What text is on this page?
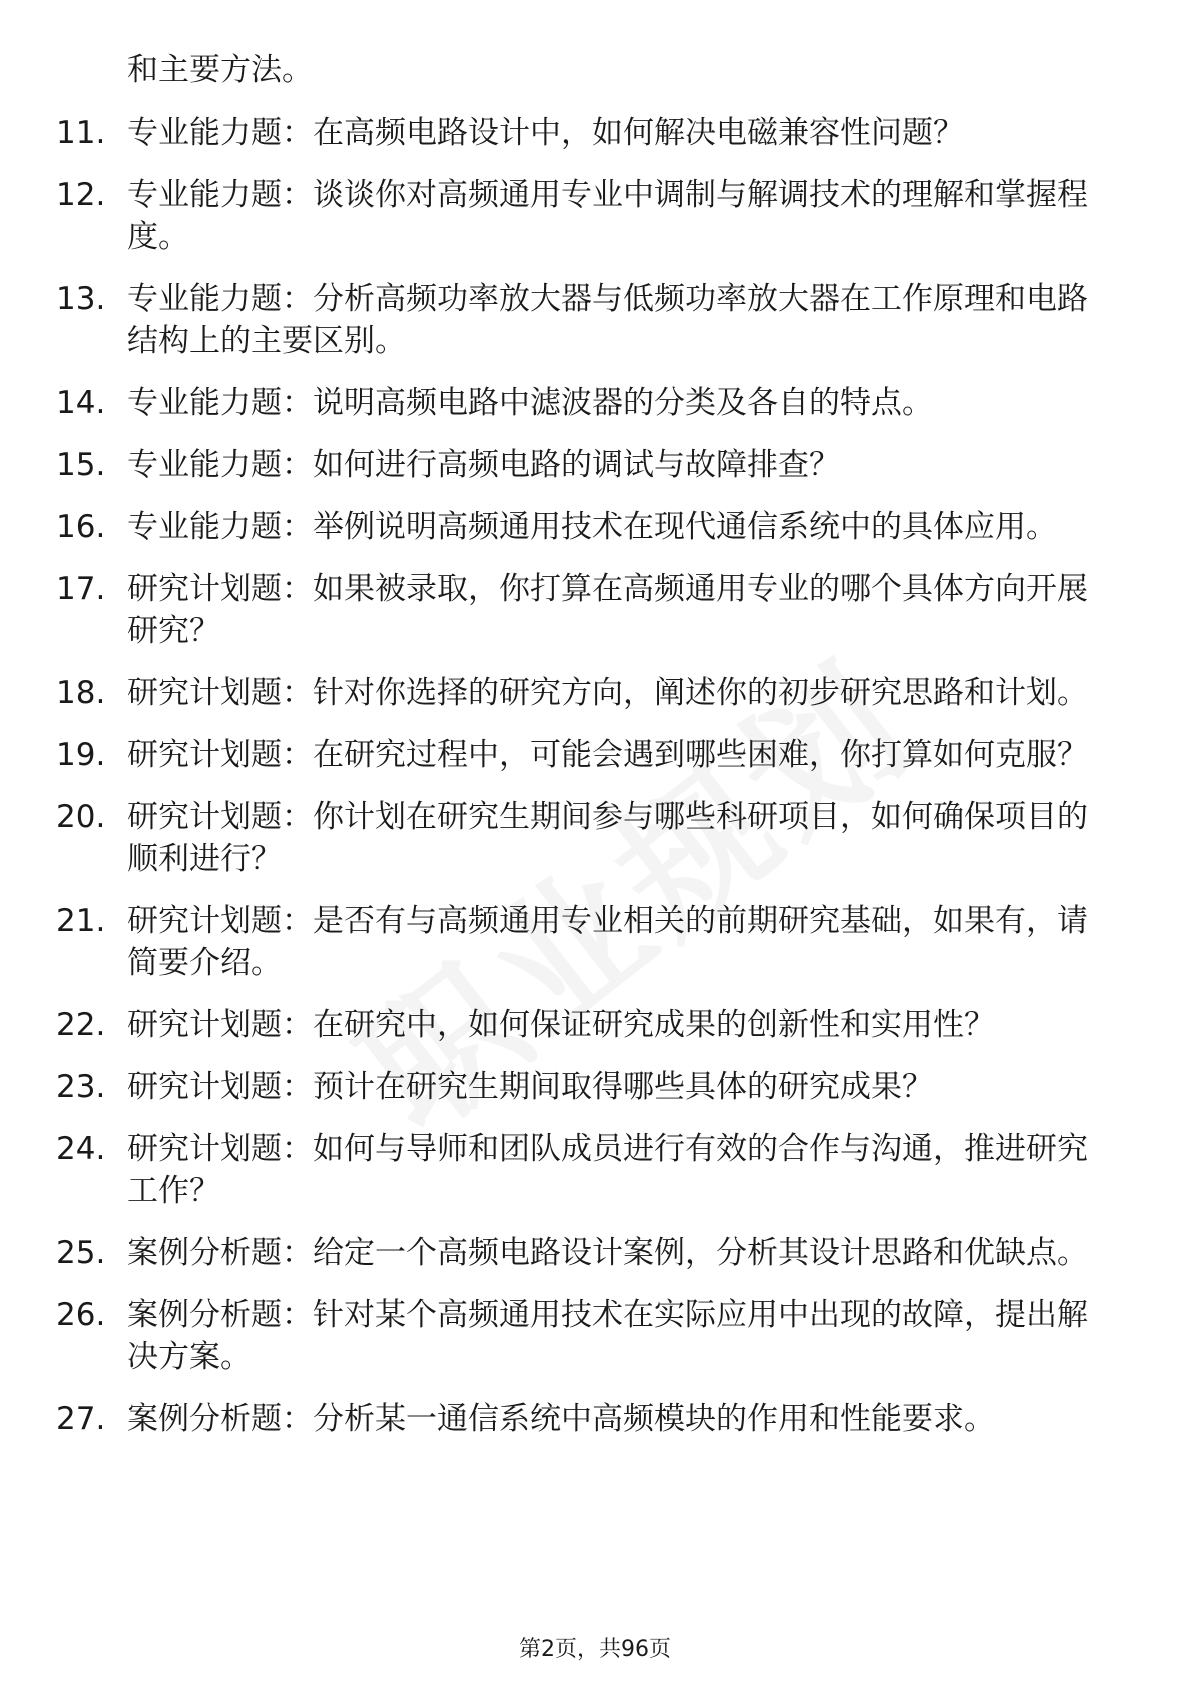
和主要方法。
11. 专业能力题：在高频电路设计中，如何解决电磁兼容性问题？
12. 专业能力题：谈谈你对高频通用专业中调制与解调技术的理解和掌握程度。
13. 专业能力题：分析高频功率放大器与低频功率放大器在工作原理和电路结构上的主要区别。
14. 专业能力题：说明高频电路中滤波器的分类及各自的特点。
15. 专业能力题：如何进行高频电路的调试与故障排查？
16. 专业能力题：举例说明高频通用技术在现代通信系统中的具体应用。
17. 研究计划题：如果被录取，你打算在高频通用专业的哪个具体方向开展研究？
18. 研究计划题：针对你选择的研究方向，阐述你的初步研究思路和计划。
19. 研究计划题：在研究过程中，可能会遇到哪些困难，你打算如何克服？
20. 研究计划题：你计划在研究生期间参与哪些科研项目，如何确保项目的顺利进行？
21. 研究计划题：是否有与高频通用专业相关的前期研究基础，如果有，请简要介绍。
22. 研究计划题：在研究中，如何保证研究成果的创新性和实用性？
23. 研究计划题：预计在研究生期间取得哪些具体的研究成果？
24. 研究计划题：如何与导师和团队成员进行有效的合作与沟通，推进研究工作？
25. 案例分析题：给定一个高频电路设计案例，分析其设计思路和优缺点。
26. 案例分析题：针对某个高频通用技术在实际应用中出现的故障，提出解决方案。
27. 案例分析题：分析某一通信系统中高频模块的作用和性能要求。
第2页，共96页
